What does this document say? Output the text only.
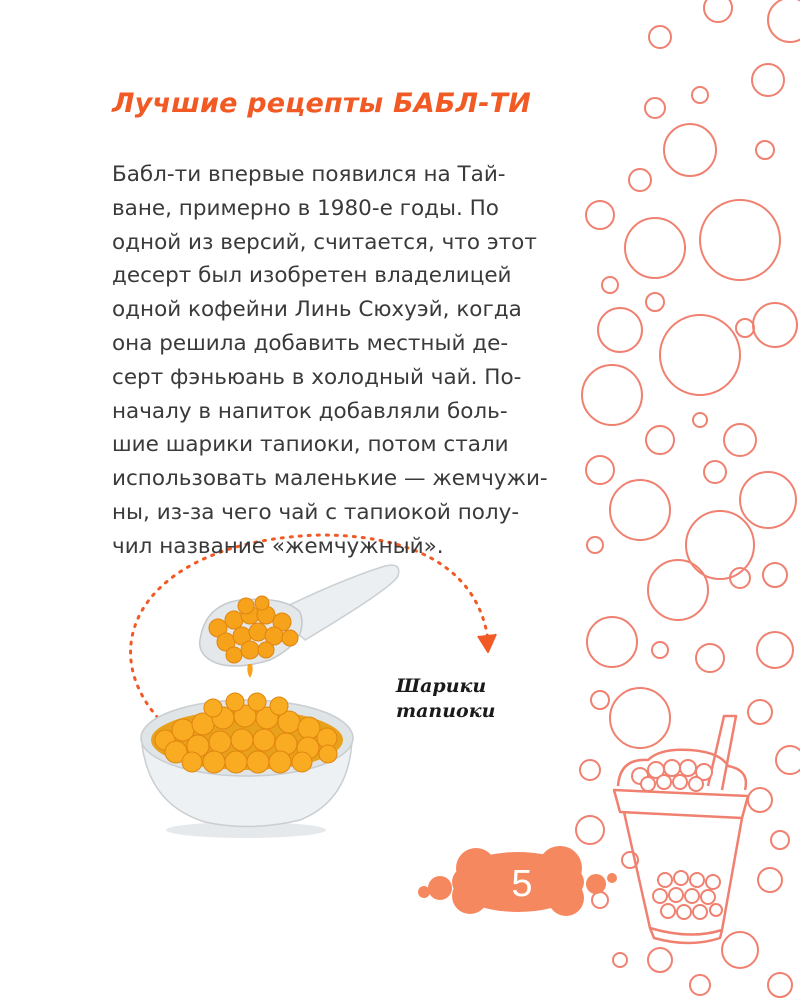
Лучшие рецепты БАБЛ-ТИ
Бабл-ти впервые появился на Тай-
ване, примерно в 1980-е годы. По
одной из версий, считается, что этот
десерт был изобретен владелицей
одной кофейни Линь Сюхуэй, когда
она решила добавить местный де-
серт фэньюань в холодный чай. По-
началу в напиток добавляли боль-
шие шарики тапиоки, потом стали
использовать маленькие — жемчужи-
ны, из-за чего чай с тапиокой полу-
чил название «жемчужный».
Шарики
тапиоки
5
